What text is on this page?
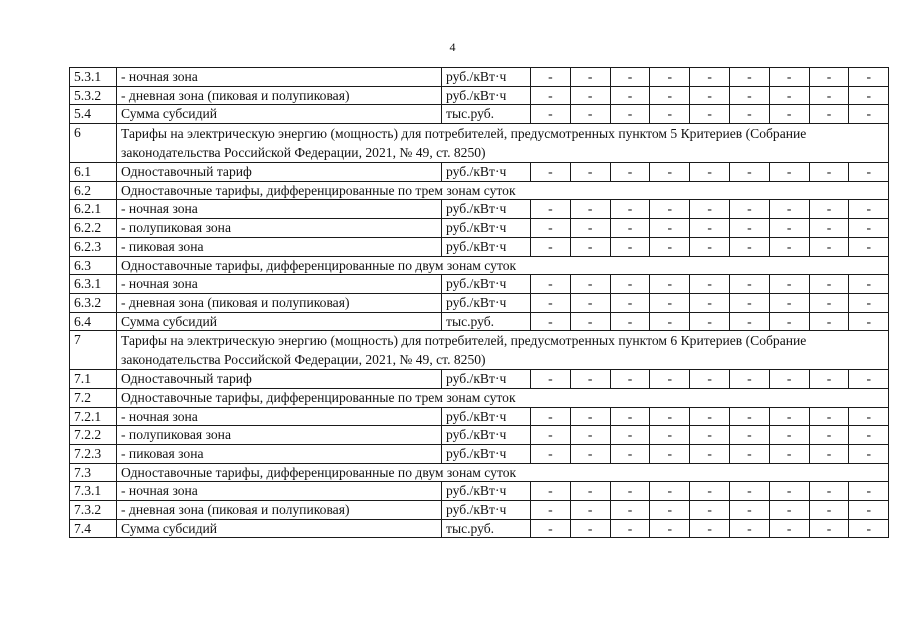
4
5.3.1	- ночная зона	руб./кВт·ч	-	-	-	-	-	-	-	-	-
5.3.2	- дневная зона (пиковая и полупиковая)	руб./кВт·ч	-	-	-	-	-	-	-	-	-
5.4	Сумма субсидий	тыс.руб.	-	-	-	-	-	-	-	-	-
6	Тарифы на электрическую энергию (мощность) для потребителей, предусмотренных пунктом 5 Критериев (Собрание законодательства Российской Федерации, 2021, № 49, ст. 8250)										
6.1	Одноставочный тариф	руб./кВт·ч	-	-	-	-	-	-	-	-	-
6.2	Одноставочные тарифы, дифференцированные по трем зонам суток										
6.2.1	- ночная зона	руб./кВт·ч	-	-	-	-	-	-	-	-	-
6.2.2	- полупиковая зона	руб./кВт·ч	-	-	-	-	-	-	-	-	-
6.2.3	- пиковая зона	руб./кВт·ч	-	-	-	-	-	-	-	-	-
6.3	Одноставочные тарифы, дифференцированные по двум зонам суток										
6.3.1	- ночная зона	руб./кВт·ч	-	-	-	-	-	-	-	-	-
6.3.2	- дневная зона (пиковая и полупиковая)	руб./кВт·ч	-	-	-	-	-	-	-	-	-
6.4	Сумма субсидий	тыс.руб.	-	-	-	-	-	-	-	-	-
7	Тарифы на электрическую энергию (мощность) для потребителей, предусмотренных пунктом 6 Критериев (Собрание законодательства Российской Федерации, 2021, № 49, ст. 8250)										
7.1	Одноставочный тариф	руб./кВт·ч	-	-	-	-	-	-	-	-	-
7.2	Одноставочные тарифы, дифференцированные по трем зонам суток										
7.2.1	- ночная зона	руб./кВт·ч	-	-	-	-	-	-	-	-	-
7.2.2	- полупиковая зона	руб./кВт·ч	-	-	-	-	-	-	-	-	-
7.2.3	- пиковая зона	руб./кВт·ч	-	-	-	-	-	-	-	-	-
7.3	Одноставочные тарифы, дифференцированные по двум зонам суток										
7.3.1	- ночная зона	руб./кВт·ч	-	-	-	-	-	-	-	-	-
7.3.2	- дневная зона (пиковая и полупиковая)	руб./кВт·ч	-	-	-	-	-	-	-	-	-
7.4	Сумма субсидий	тыс.руб.	-	-	-	-	-	-	-	-	-
